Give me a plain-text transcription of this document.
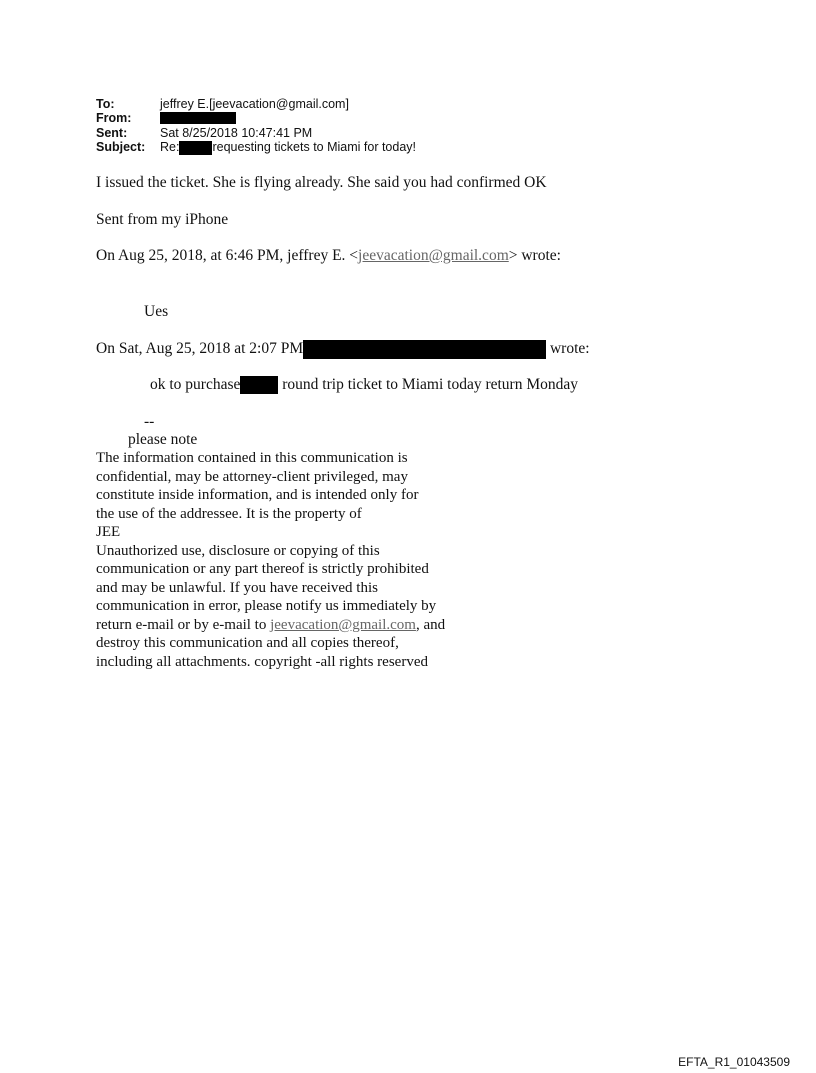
To:	jeffrey E.[jeevacation@gmail.com]
From:
Sent:	Sat 8/25/2018 10:47:41 PM
Subject: Re:	requesting tickets to Miami for today!
I issued the ticket. She is flying already. She said you had confirmed OK
Sent from my iPhone
On Aug 25, 2018, at 6:46 PM, jeffrey E. <jeevacation@gmail.com> wrote:
Ues
On Sat, Aug 25, 2018 at 2:07 PM	wrote:
ok to purchase	round trip ticket to Miami today return Monday
--
please note
The information contained in this communication is
confidential, may be attorney-client privileged, may
constitute inside information, and is intended only for
the use of the addressee. It is the property of
JEE
Unauthorized use, disclosure or copying of this
communication or any part thereof is strictly prohibited
and may be unlawful. If you have received this
communication in error, please notify us immediately by
return e-mail or by e-mail to jeevacation@gmail.com, and
destroy this communication and all copies thereof,
including all attachments. copyright -all rights reserved
EFTA_R1_01043509
